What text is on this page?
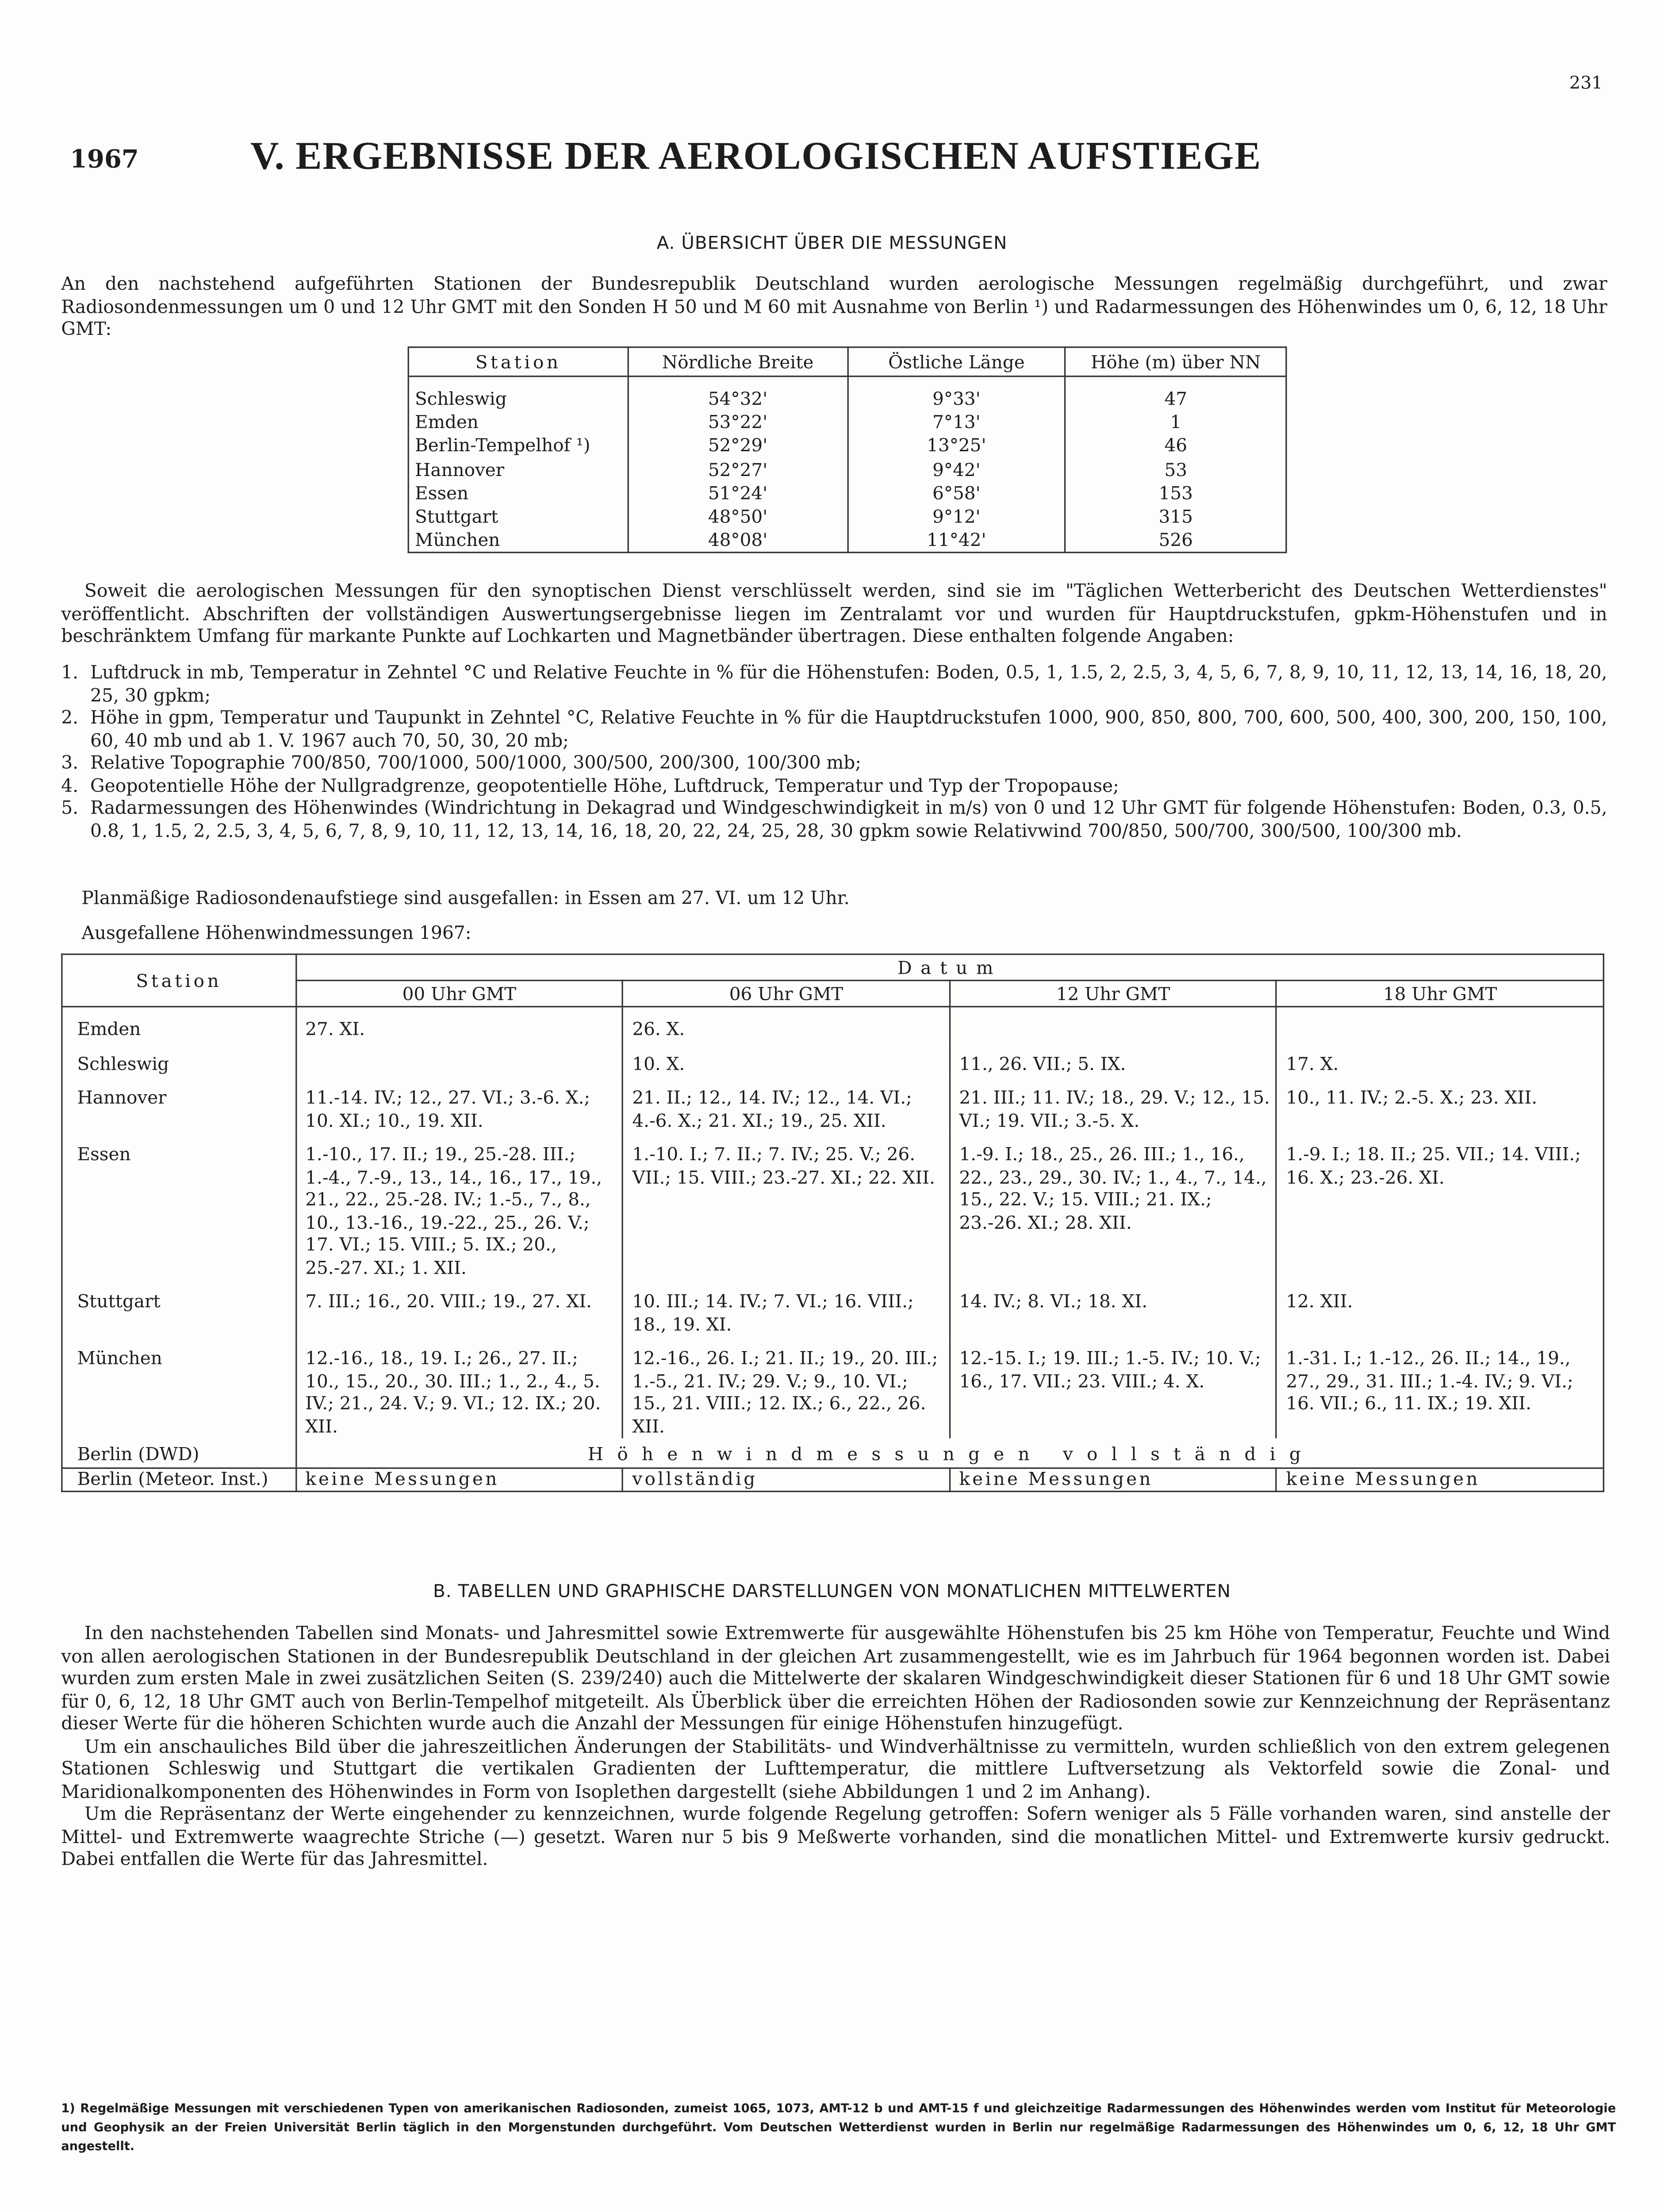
231
1967	V. ERGEBNISSE DER AEROLOGISCHEN AUFSTIEGE
A. ÜBERSICHT ÜBER DIE MESSUNGEN
An den nachstehend aufgeführten Stationen der Bundesrepublik Deutschland wurden aerologische Messungen regelmäßig durchgeführt, und zwar Radiosondenmessungen um 0 und 12 Uhr GMT mit den Sonden H 50 und M 60 mit Ausnahme von Berlin ¹) und Radarmessungen des Höhenwindes um 0, 6, 12, 18 Uhr GMT:
Station	Nördliche Breite	Östliche Länge	Höhe (m) über NN
Schleswig	54°32'	9°33'	47
Emden	53°22'	7°13'	1
Berlin-Tempelhof ¹)	52°29'	13°25'	46
Hannover	52°27'	9°42'	53
Essen	51°24'	6°58'	153
Stuttgart	48°50'	9°12'	315
München	48°08'	11°42'	526
Soweit die aerologischen Messungen für den synoptischen Dienst verschlüsselt werden, sind sie im "Täglichen Wetterbericht des Deutschen Wetterdienstes" veröffentlicht. Abschriften der vollständigen Auswertungsergebnisse liegen im Zentralamt vor und wurden für Hauptdruckstufen, gpkm-Höhenstufen und in beschränktem Umfang für markante Punkte auf Lochkarten und Magnetbänder übertragen. Diese enthalten folgende Angaben:
1. Luftdruck in mb, Temperatur in Zehntel °C und Relative Feuchte in % für die Höhenstufen: Boden, 0.5, 1, 1.5, 2, 2.5, 3, 4, 5, 6, 7, 8, 9, 10, 11, 12, 13, 14, 16, 18, 20, 25, 30 gpkm;
2. Höhe in gpm, Temperatur und Taupunkt in Zehntel °C, Relative Feuchte in % für die Hauptdruckstufen 1000, 900, 850, 800, 700, 600, 500, 400, 300, 200, 150, 100, 60, 40 mb und ab 1. V. 1967 auch 70, 50, 30, 20 mb;
3. Relative Topographie 700/850, 700/1000, 500/1000, 300/500, 200/300, 100/300 mb;
4. Geopotentielle Höhe der Nullgradgrenze, geopotentielle Höhe, Luftdruck, Temperatur und Typ der Tropopause;
5. Radarmessungen des Höhenwindes (Windrichtung in Dekagrad und Windgeschwindigkeit in m/s) von 0 und 12 Uhr GMT für folgende Höhenstufen: Boden, 0.3, 0.5, 0.8, 1, 1.5, 2, 2.5, 3, 4, 5, 6, 7, 8, 9, 10, 11, 12, 13, 14, 16, 18, 20, 22, 24, 25, 28, 30 gpkm sowie Relativwind 700/850, 500/700, 300/500, 100/300 mb.
Planmäßige Radiosondenaufstiege sind ausgefallen: in Essen am 27. VI. um 12 Uhr.
Ausgefallene Höhenwindmessungen 1967:
Station	Datum			
	00 Uhr GMT	06 Uhr GMT	12 Uhr GMT	18 Uhr GMT
Emden	27. XI.	26. X.		
Schleswig		10. X.	11., 26. VII.; 5. IX.	17. X.
Hannover	11.-14. IV.; 12., 27. VI.; 3.-6. X.; 10. XI.; 10., 19. XII.	21. II.; 12., 14. IV.; 12., 14. VI.; 4.-6. X.; 21. XI.; 19., 25. XII.	21. III.; 11. IV.; 18., 29. V.; 12., 15. VI.; 19. VII.; 3.-5. X.	10., 11. IV.; 2.-5. X.; 23. XII.
Essen	1.-10., 17. II.; 19., 25.-28. III.; 1.-4., 7.-9., 13., 14., 16., 17., 19., 21., 22., 25.-28. IV.; 1.-5., 7., 8., 10., 13.-16., 19.-22., 25., 26. V.; 17. VI.; 15. VIII.; 5. IX.; 20., 25.-27. XI.; 1. XII.	1.-10. I.; 7. II.; 7. IV.; 25. V.; 26. VII.; 15. VIII.; 23.-27. XI.; 22. XII.	1.-9. I.; 18., 25., 26. III.; 1., 16., 22., 23., 29., 30. IV.; 1., 4., 7., 14., 15., 22. V.; 15. VIII.; 21. IX.; 23.-26. XI.; 28. XII.	1.-9. I.; 18. II.; 25. VII.; 14. VIII.; 16. X.; 23.-26. XI.
Stuttgart	7. III.; 16., 20. VIII.; 19., 27. XI.	10. III.; 14. IV.; 7. VI.; 16. VIII.; 18., 19. XI.	14. IV.; 8. VI.; 18. XI.	12. XII.
München	12.-16., 18., 19. I.; 26., 27. II.; 10., 15., 20., 30. III.; 1., 2., 4., 5. IV.; 21., 24. V.; 9. VI.; 12. IX.; 20. XII.	12.-16., 26. I.; 21. II.; 19., 20. III.; 1.-5., 21. IV.; 29. V.; 9., 10. VI.; 15., 21. VIII.; 12. IX.; 6., 22., 26. XII.	12.-15. I.; 19. III.; 1.-5. IV.; 10. V.; 16., 17. VII.; 23. VIII.; 4. X.	1.-31. I.; 1.-12., 26. II.; 14., 19., 27., 29., 31. III.; 1.-4. IV.; 9. VI.; 16. VII.; 6., 11. IX.; 19. XII.
Berlin (DWD)	Höhenwindmessungen vollständig			
Berlin (Meteor. Inst.)	keine Messungen	vollständig	keine Messungen	keine Messungen
B. TABELLEN UND GRAPHISCHE DARSTELLUNGEN VON MONATLICHEN MITTELWERTEN

In den nachstehenden Tabellen sind Monats- und Jahresmittel sowie Extremwerte für ausgewählte Höhenstufen bis 25 km Höhe von Temperatur, Feuchte und Wind von allen aerologischen Stationen in der Bundesrepublik Deutschland in der gleichen Art zusammengestellt, wie es im Jahrbuch für 1964 begonnen worden ist. Dabei wurden zum ersten Male in zwei zusätzlichen Seiten (S. 239/240) auch die Mittelwerte der skalaren Windgeschwindigkeit dieser Stationen für 6 und 18 Uhr GMT sowie für 0, 6, 12, 18 Uhr GMT auch von Berlin-Tempelhof mitgeteilt. Als Überblick über die erreichten Höhen der Radiosonden sowie zur Kennzeichnung der Repräsentanz dieser Werte für die höheren Schichten wurde auch die Anzahl der Messungen für einige Höhenstufen hinzugefügt.

Um ein anschauliches Bild über die jahreszeitlichen Änderungen der Stabilitäts- und Windverhältnisse zu vermitteln, wurden schließlich von den extrem gelegenen Stationen Schleswig und Stuttgart die vertikalen Gradienten der Lufttemperatur, die mittlere Luftversetzung als Vektorfeld sowie die Zonal- und Maridionalkomponenten des Höhenwindes in Form von Isoplethen dargestellt (siehe Abbildungen 1 und 2 im Anhang).

Um die Repräsentanz der Werte eingehender zu kennzeichnen, wurde folgende Regelung getroffen: Sofern weniger als 5 Fälle vorhanden waren, sind anstelle der Mittel- und Extremwerte waagrechte Striche (—) gesetzt. Waren nur 5 bis 9 Meßwerte vorhanden, sind die monatlichen Mittel- und Extremwerte kursiv gedruckt. Dabei entfallen die Werte für das Jahresmittel.

1) Regelmäßige Messungen mit verschiedenen Typen von amerikanischen Radiosonden, zumeist 1065, 1073, AMT-12 b und AMT-15 f und gleichzeitige Radarmessungen des Höhenwindes werden vom Institut für Meteorologie und Geophysik an der Freien Universität Berlin täglich in den Morgenstunden durchgeführt. Vom Deutschen Wetterdienst wurden in Berlin nur regelmäßige Radarmessungen des Höhenwindes um 0, 6, 12, 18 Uhr GMT angestellt.
